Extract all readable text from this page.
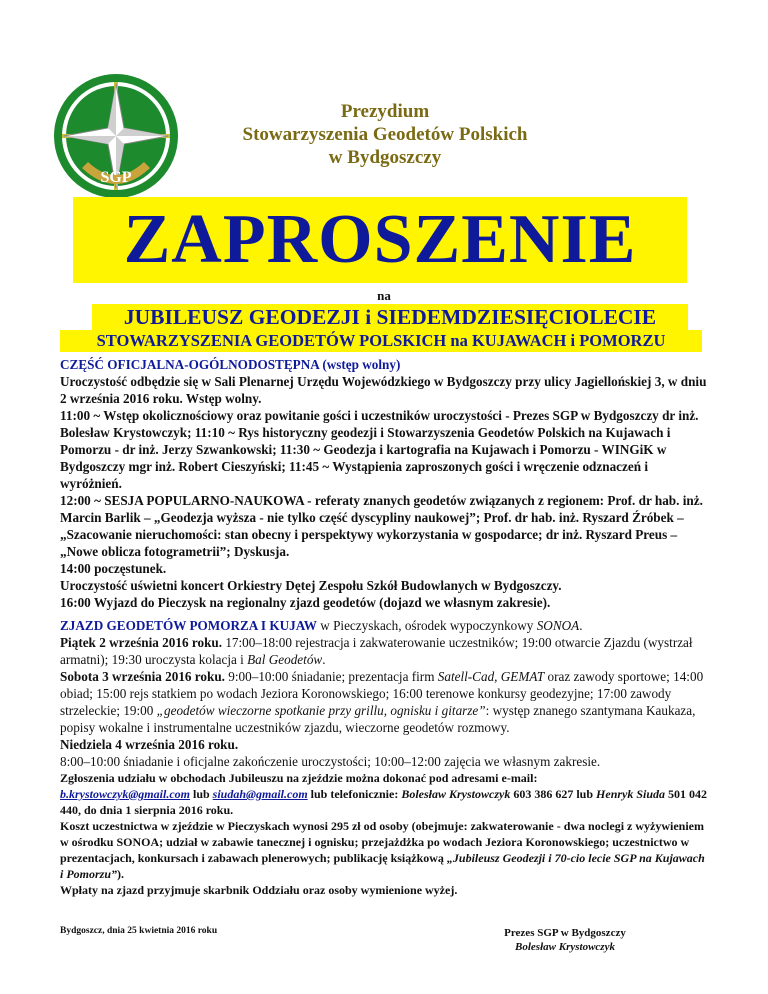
SGP
Prezydium
Stowarzyszenia Geodetów Polskich
w Bydgoszczy
ZAPROSZENIE
na
JUBILEUSZ GEODEZJI i SIEDEMDZIESIĘCIOLECIE
STOWARZYSZENIA GEODETÓW POLSKICH na KUJAWACH i POMORZU

CZĘŚĆ OFICJALNA-OGÓLNODOSTĘPNA (wstęp wolny)

Uroczystość odbędzie się w Sali Plenarnej Urzędu Wojewódzkiego w Bydgoszczy przy ulicy Jagiellońskiej 3, w dniu 2 września 2016 roku. Wstęp wolny.

11:00 ~ Wstęp okolicznościowy oraz powitanie gości i uczestników uroczystości - Prezes SGP w Bydgoszczy dr inż. Bolesław Krystowczyk; 11:10 ~ Rys historyczny geodezji i Stowarzyszenia Geodetów Polskich na Kujawach i Pomorzu - dr inż. Jerzy Szwankowski; 11:30 ~ Geodezja i kartografia na Kujawach i Pomorzu - WINGiK w Bydgoszczy mgr inż. Robert Cieszyński; 11:45 ~ Wystąpienia zaproszonych gości i wręczenie odznaczeń i wyróżnień.

12:00 ~ SESJA POPULARNO-NAUKOWA - referaty znanych geodetów związanych z regionem: Prof. dr hab. inż. Marcin Barlik – „Geodezja wyższa - nie tylko część dyscypliny naukowej”; Prof. dr hab. inż. Ryszard Źróbek – „Szacowanie nieruchomości: stan obecny i perspektywy wykorzystania w gospodarce; dr inż. Ryszard Preus – „Nowe oblicza fotogrametrii”; Dyskusja.

14:00 poczęstunek.

Uroczystość uświetni koncert Orkiestry Dętej Zespołu Szkół Budowlanych w Bydgoszczy.

16:00 Wyjazd do Pieczysk na regionalny zjazd geodetów (dojazd we własnym zakresie).

ZJAZD GEODETÓW POMORZA I KUJAW w Pieczyskach, ośrodek wypoczynkowy SONOA.

Piątek 2 września 2016 roku. 17:00–18:00 rejestracja i zakwaterowanie uczestników; 19:00 otwarcie Zjazdu (wystrzał armatni); 19:30 uroczysta kolacja i Bal Geodetów.

Sobota 3 września 2016 roku. 9:00–10:00 śniadanie; prezentacja firm Satell-Cad, GEMAT oraz zawody sportowe; 14:00 obiad; 15:00 rejs statkiem po wodach Jeziora Koronowskiego; 16:00 terenowe konkursy geodezyjne; 17:00 zawody strzeleckie; 19:00 „geodetów wieczorne spotkanie przy grillu, ognisku i gitarze”: występ znanego szantymana Kaukaza, popisy wokalne i instrumentalne uczestników zjazdu, wieczorne geodetów rozmowy.

Niedziela 4 września 2016 roku.

8:00–10:00 śniadanie i oficjalne zakończenie uroczystości; 10:00–12:00 zajęcia we własnym zakresie.

Zgłoszenia udziału w obchodach Jubileuszu na zjeździe można dokonać pod adresami e-mail:

b.krystowczyk@gmail.com lub siudah@gmail.com lub telefonicznie: Bolesław Krystowczyk 603 386 627 lub Henryk Siuda 501 042 440, do dnia 1 sierpnia 2016 roku.

Koszt uczestnictwa w zjeździe w Pieczyskach wynosi 295 zł od osoby (obejmuje: zakwaterowanie - dwa noclegi z wyżywieniem w ośrodku SONOA; udział w zabawie tanecznej i ognisku; przejażdżka po wodach Jeziora Koronowskiego; uczestnictwo w prezentacjach, konkursach i zabawach plenerowych; publikację książkową „Jubileusz Geodezji i 70-cio lecie SGP na Kujawach i Pomorzu”).

Wpłaty na zjazd przyjmuje skarbnik Oddziału oraz osoby wymienione wyżej.

Bydgoszcz, dnia 25 kwietnia 2016 roku	Prezes SGP w Bydgoszczy
Bolesław Krystowczyk
